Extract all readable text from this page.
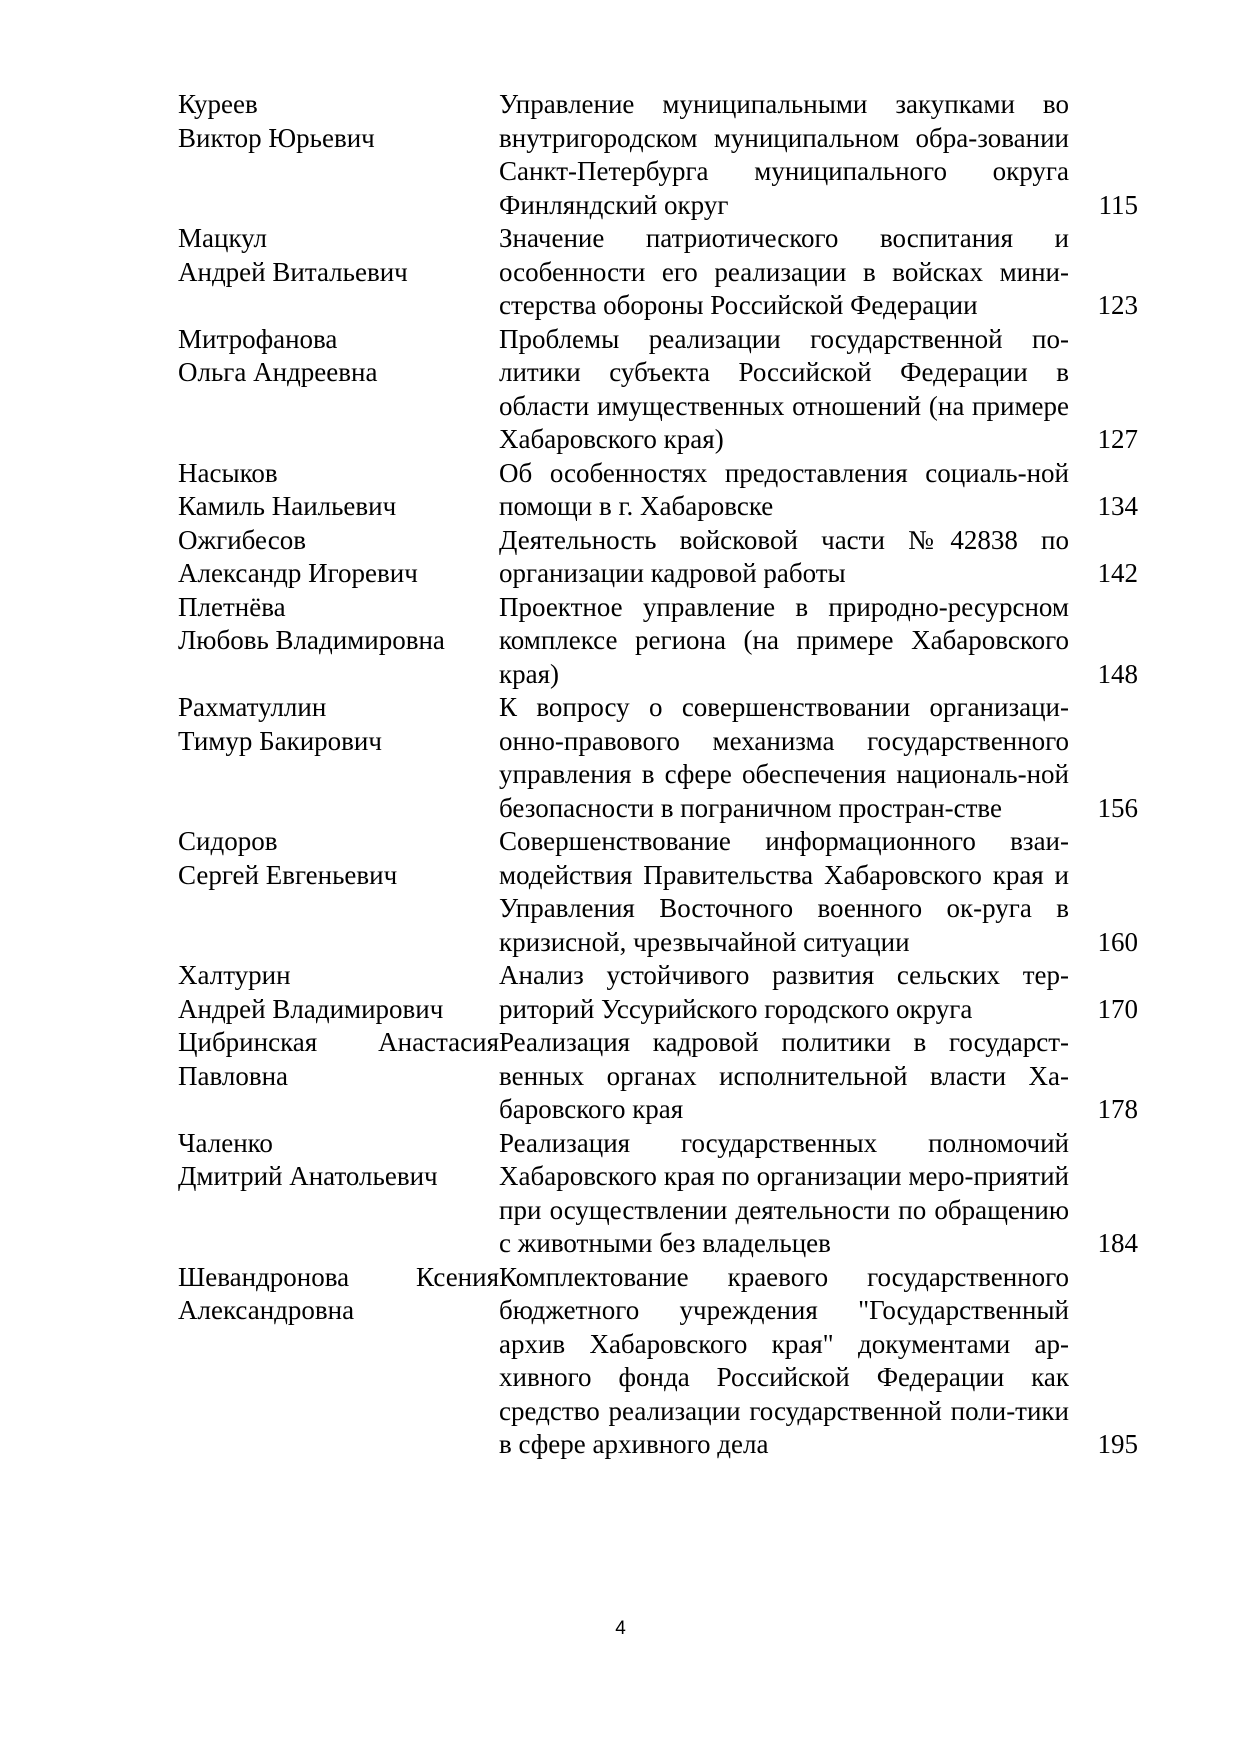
Куреев
Виктор Юрьевич
Управление муниципальными закупками во внутригородском муниципальном обра-зовании Санкт-Петербурга муниципального округа Финляндский округ	115
Мацкул
Андрей Витальевич
Значение патриотического воспитания и особенности его реализации в войсках мини-стерства обороны Российской Федерации	123
Митрофанова
Ольга Андреевна
Проблемы реализации государственной по-литики субъекта Российской Федерации в области имущественных отношений (на примере Хабаровского края)	127
Насыков
Камиль Наильевич
Об особенностях предоставления социаль-ной помощи в г. Хабаровске	134
Ожгибесов
Александр Игоревич
Деятельность войсковой части №42838 по организации кадровой работы	142
Плетнёва
Любовь Владимировна
Проектное управление в природно-ресурсном комплексе региона (на примере Хабаровского края)	148
Рахматуллин
Тимур Бакирович
К вопросу о совершенствовании организаци-онно-правового механизма государственного управления в сфере обеспечения националь-ной безопасности в пограничном простран-стве	156
Сидоров
Сергей Евгеньевич
Совершенствование информационного взаи-модействия Правительства Хабаровского края и Управления Восточного военного ок-руга в кризисной, чрезвычайной ситуации	160
Халтурин
Андрей Владимирович
Анализ устойчивого развития сельских тер-риторий Уссурийского городского округа	170
Цибринская Анастасия Павловна
Реализация кадровой политики в государст-венных органах исполнительной власти Ха-баровского края	178
Чаленко
Дмитрий Анатольевич
Реализация государственных полномочий Хабаровского края по организации меро-приятий при осуществлении деятельности по обращению с животными без владельцев	184
Шевандронова Ксения Александровна
Комплектование краевого государственного бюджетного учреждения "Государственный архив Хабаровского края" документами ар-хивного фонда Российской Федерации как средство реализации государственной поли-тики в сфере архивного дела	195
4
